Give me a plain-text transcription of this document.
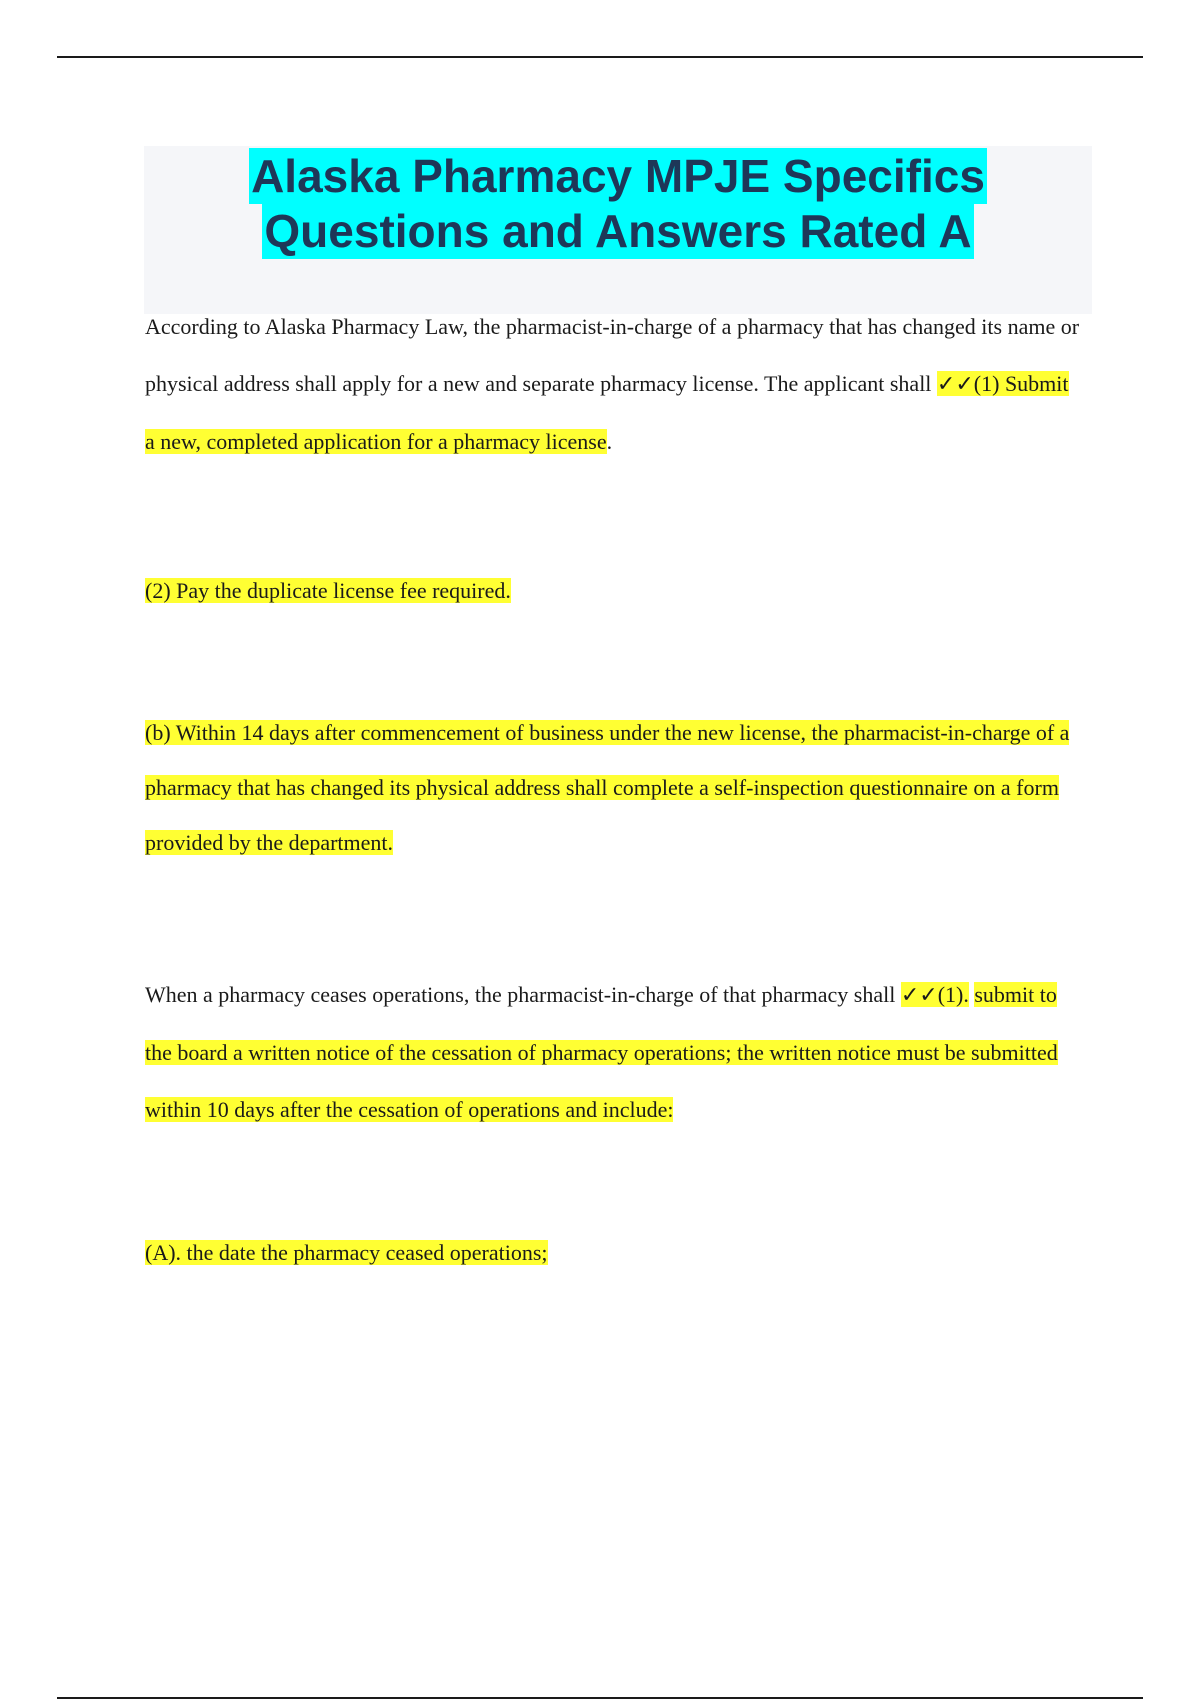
Alaska Pharmacy MPJE Specifics
Questions and Answers Rated A
According to Alaska Pharmacy Law, the pharmacist-in-charge of a pharmacy that has changed its name or physical address shall apply for a new and separate pharmacy license. The applicant shall ✓✓(1) Submit a new, completed application for a pharmacy license.
(2) Pay the duplicate license fee required.
(b) Within 14 days after commencement of business under the new license, the pharmacist-in-charge of a pharmacy that has changed its physical address shall complete a self-inspection questionnaire on a form provided by the department.
When a pharmacy ceases operations, the pharmacist-in-charge of that pharmacy shall ✓✓(1). submit to the board a written notice of the cessation of pharmacy operations; the written notice must be submitted within 10 days after the cessation of operations and include:
(A). the date the pharmacy ceased operations;
